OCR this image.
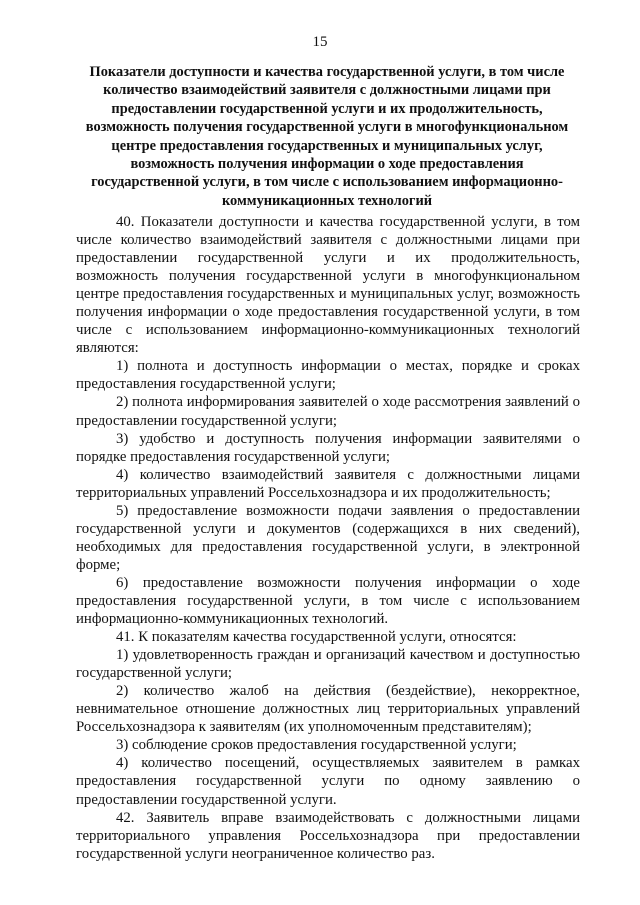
15
Показатели доступности и качества государственной услуги, в том числе количество взаимодействий заявителя с должностными лицами при предоставлении государственной услуги и их продолжительность, возможность получения государственной услуги в многофункциональном центре предоставления государственных и муниципальных услуг, возможность получения информации о ходе предоставления государственной услуги, в том числе с использованием информационно-коммуникационных технологий

40. Показатели доступности и качества государственной услуги, в том числе количество взаимодействий заявителя с должностными лицами при предоставлении государственной услуги и их продолжительность, возможность получения государственной услуги в многофункциональном центре предоставления государственных и муниципальных услуг, возможность получения информации о ходе предоставления государственной услуги, в том числе с использованием информационно-коммуникационных технологий являются:

1) полнота и доступность информации о местах, порядке и сроках предоставления государственной услуги;

2) полнота информирования заявителей о ходе рассмотрения заявлений о предоставлении государственной услуги;

3) удобство и доступность получения информации заявителями о порядке предоставления государственной услуги;

4) количество взаимодействий заявителя с должностными лицами территориальных управлений Россельхознадзора и их продолжительность;

5) предоставление возможности подачи заявления о предоставлении государственной услуги и документов (содержащихся в них сведений), необходимых для предоставления государственной услуги, в электронной форме;

6) предоставление возможности получения информации о ходе предоставления государственной услуги, в том числе с использованием информационно-коммуникационных технологий.

41. К показателям качества государственной услуги, относятся:

1) удовлетворенность граждан и организаций качеством и доступностью государственной услуги;

2) количество жалоб на действия (бездействие), некорректное, невнимательное отношение должностных лиц территориальных управлений Россельхознадзора к заявителям (их уполномоченным представителям);

3) соблюдение сроков предоставления государственной услуги;

4) количество посещений, осуществляемых заявителем в рамках предоставления государственной услуги по одному заявлению о предоставлении государственной услуги.

42. Заявитель вправе взаимодействовать с должностными лицами территориального управления Россельхознадзора при предоставлении государственной услуги неограниченное количество раз.
